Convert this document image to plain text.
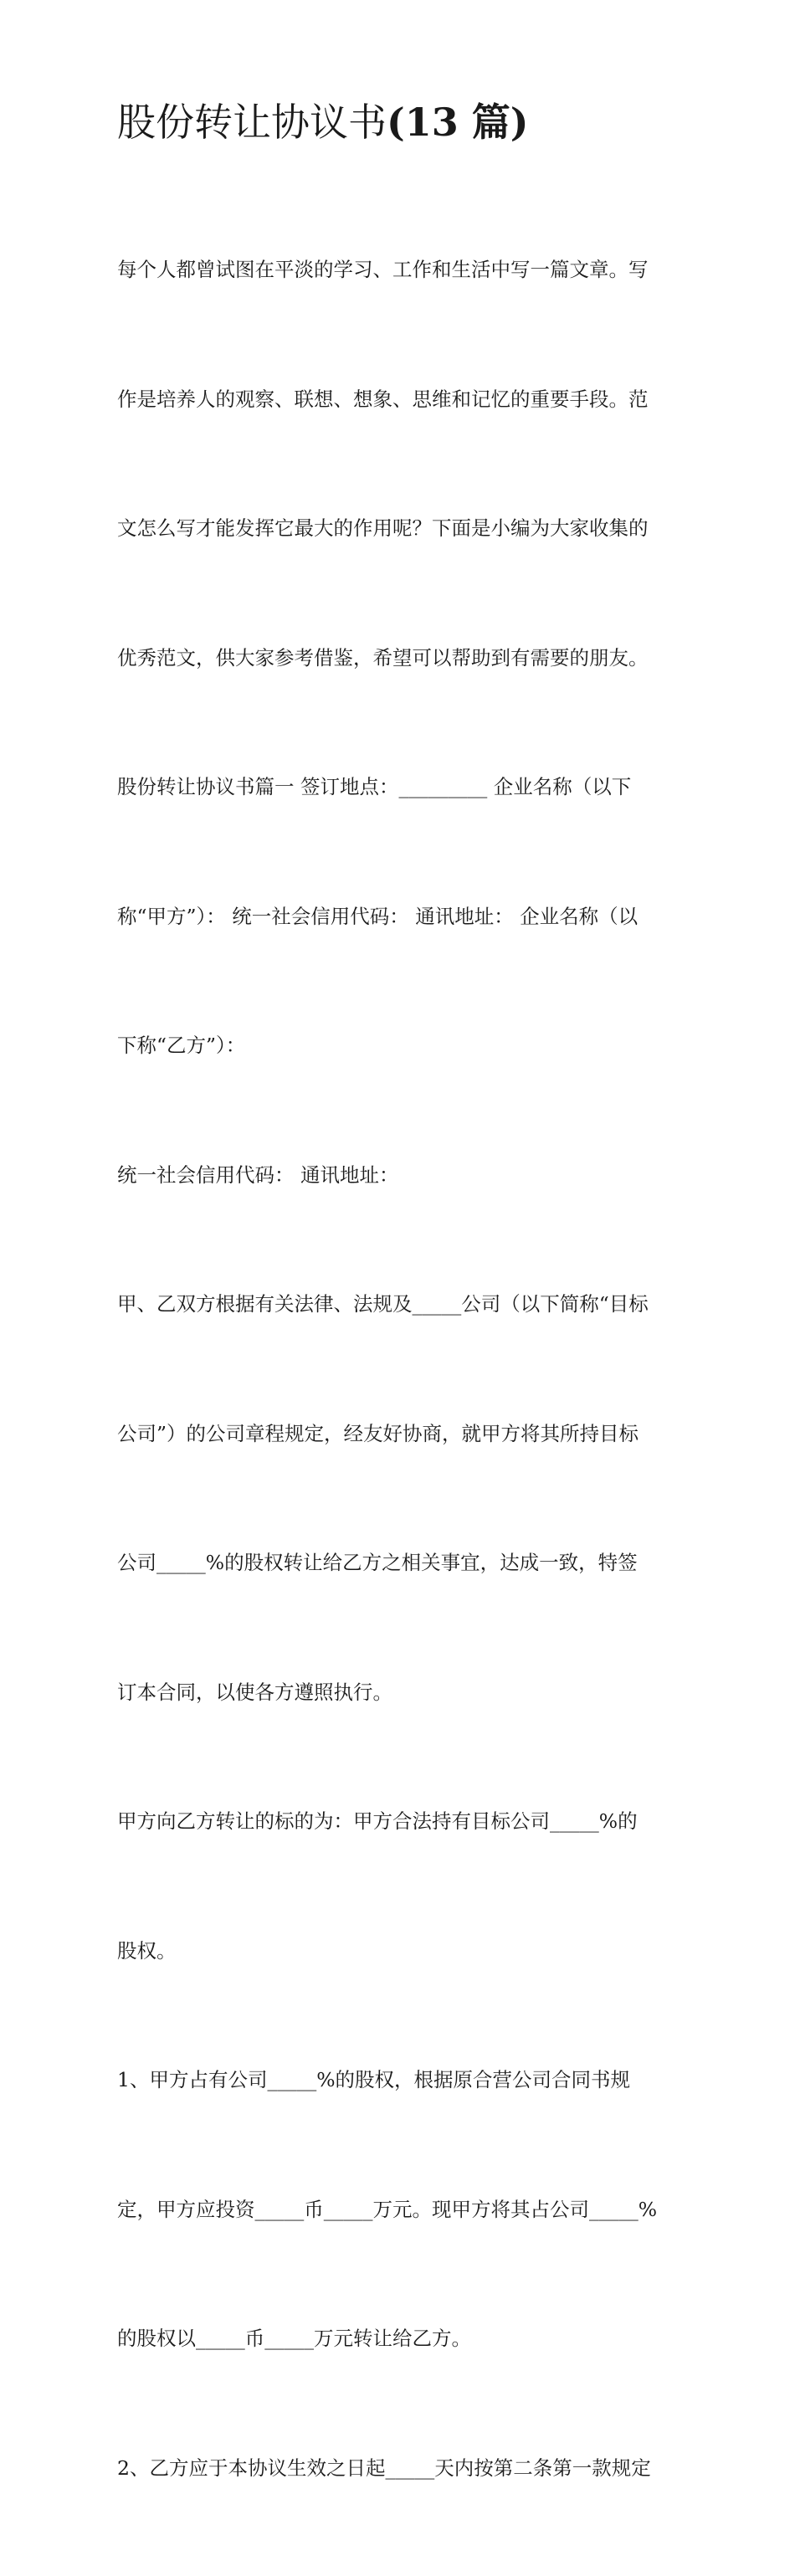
股份转让协议书(13 篇)

每个人都曾试图在平淡的学习、工作和生活中写一篇文章。写

作是培养人的观察、联想、想象、思维和记忆的重要手段。范

文怎么写才能发挥它最大的作用呢？下面是小编为大家收集的

优秀范文，供大家参考借鉴，希望可以帮助到有需要的朋友。

股份转让协议书篇一 签订地点：_________ 企业名称（以下

称“甲方”）： 统一社会信用代码： 通讯地址： 企业名称（以

下称“乙方”）：

统一社会信用代码： 通讯地址：

甲、乙双方根据有关法律、法规及_____公司（以下简称“目标

公司”）的公司章程规定，经友好协商，就甲方将其所持目标

公司_____%的股权转让给乙方之相关事宜，达成一致，特签

订本合同，以使各方遵照执行。

甲方向乙方转让的标的为：甲方合法持有目标公司_____%的

股权。

1、甲方占有公司_____%的股权，根据原合营公司合同书规

定，甲方应投资_____币_____万元。现甲方将其占公司_____%

的股权以_____币_____万元转让给乙方。

2、乙方应于本协议生效之日起_____天内按第二条第一款规定
